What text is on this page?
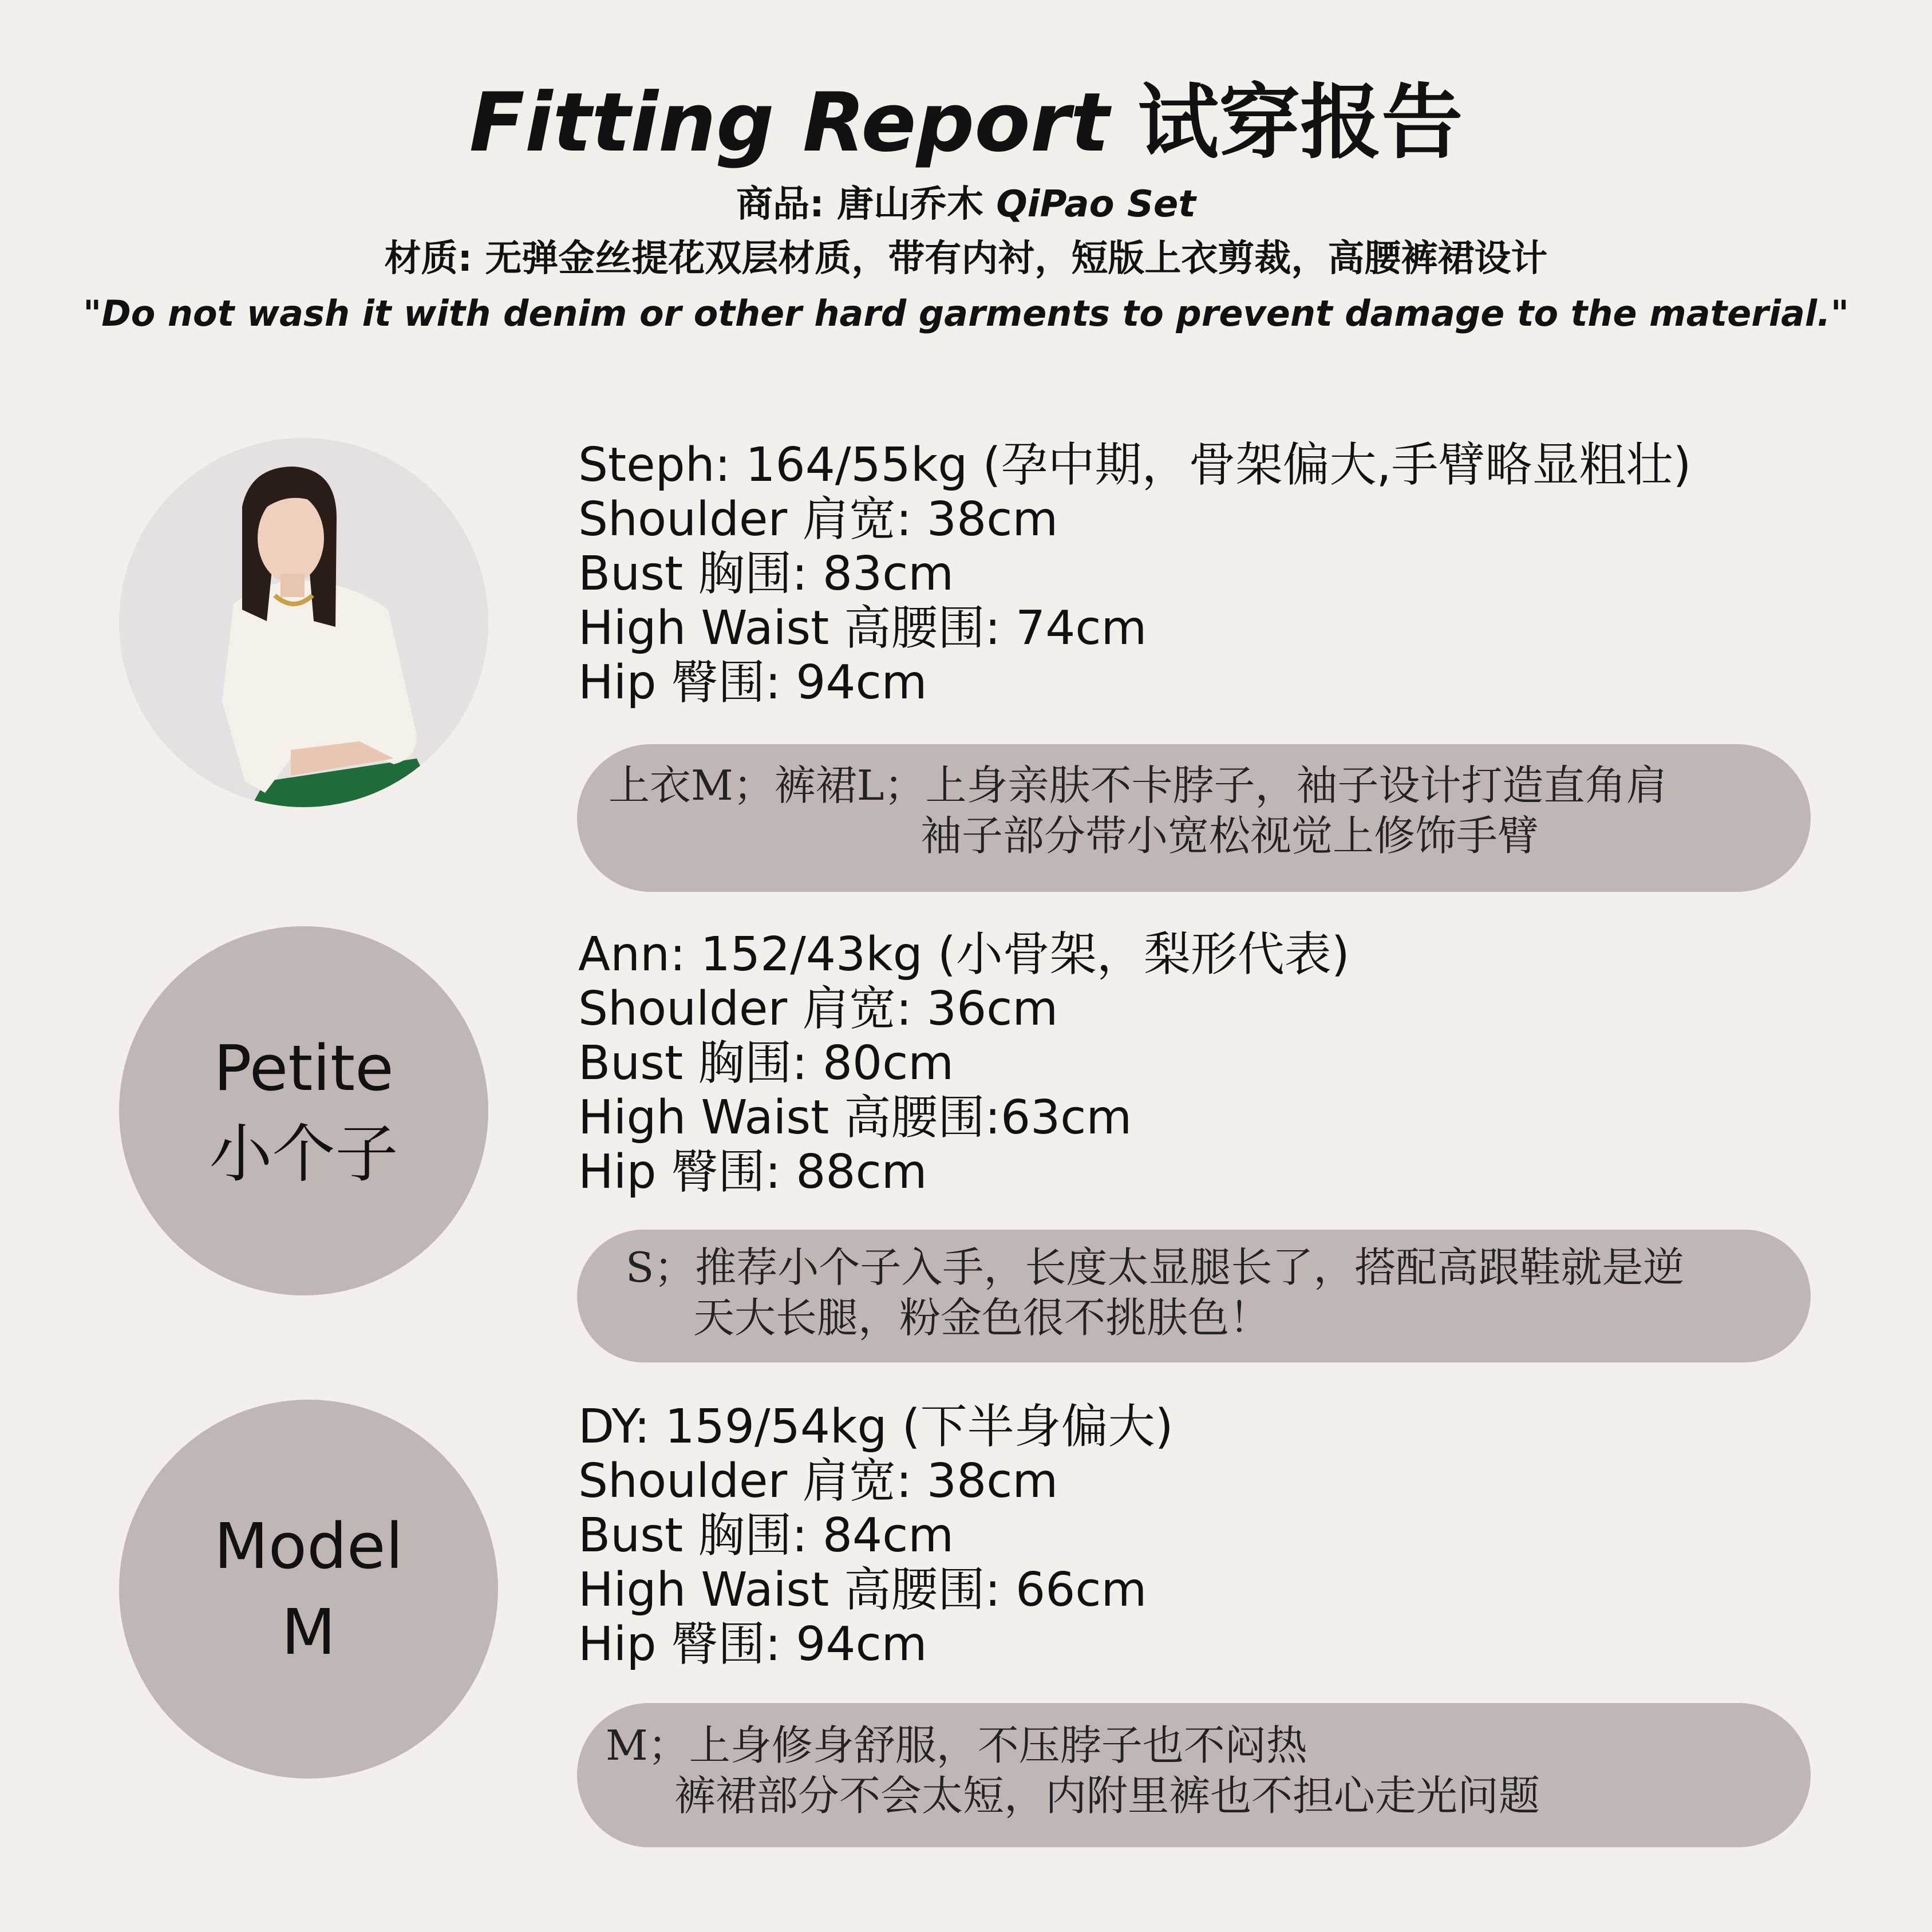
Fitting Report 试穿报告

商品: 唐山乔木 QiPao Set

材质: 无弹金丝提花双层材质，带有内衬，短版上衣剪裁，高腰裤裙设计

"Do not wash it with denim or other hard garments to prevent damage to the material."

Steph: 164/55kg (孕中期，骨架偏大,手臂略显粗壮)
Shoulder 肩宽: 38cm
Bust 胸围: 83cm
High Waist 高腰围: 74cm
Hip 臀围: 94cm
上衣M；裤裙L；上身亲肤不卡脖子，袖子设计打造直角肩
袖子部分带小宽松视觉上修饰手臂
Petite
小个子
Ann: 152/43kg (小骨架，梨形代表)
Shoulder 肩宽: 36cm
Bust 胸围: 80cm
High Waist 高腰围:63cm
Hip 臀围: 88cm
S；推荐小个子入手，长度太显腿长了，搭配高跟鞋就是逆
天大长腿，粉金色很不挑肤色！
Model
M
DY: 159/54kg (下半身偏大)
Shoulder 肩宽: 38cm
Bust 胸围: 84cm
High Waist 高腰围: 66cm
Hip 臀围: 94cm
M；上身修身舒服，不压脖子也不闷热
裤裙部分不会太短，内附里裤也不担心走光问题
